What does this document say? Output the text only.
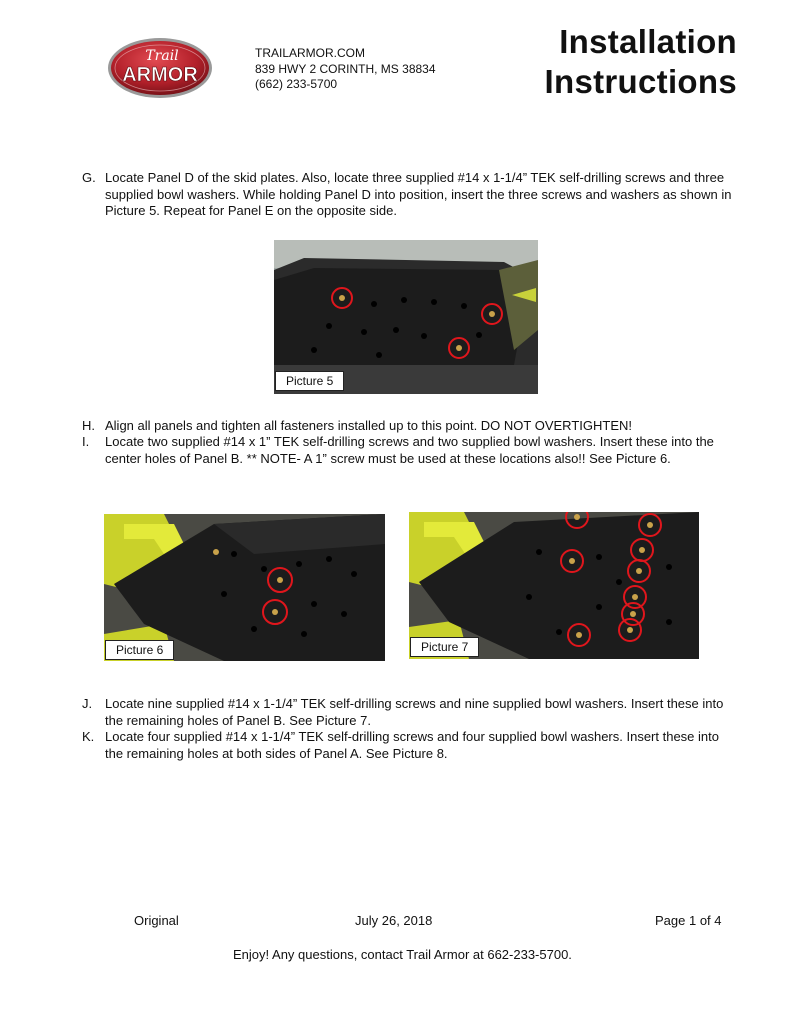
Trail
ARMOR
TRAILARMOR.COM
839 HWY 2 CORINTH, MS 38834
(662) 233-5700
Installation
Instructions
G. Locate Panel D of the skid plates. Also, locate three supplied #14 x 1-1/4” TEK self-drilling screws and three supplied bowl washers. While holding Panel D into position, insert the three screws and washers as shown in Picture 5. Repeat for Panel E on the opposite side.
Picture 5
H. Align all panels and tighten all fasteners installed up to this point. DO NOT OVERTIGHTEN!
I. Locate two supplied #14 x 1” TEK self-drilling screws and two supplied bowl washers. Insert these into the center holes of Panel B. ** NOTE- A 1” screw must be used at these locations also!! See Picture 6.
Picture 6	Picture 7
J. Locate nine supplied #14 x 1-1/4” TEK self-drilling screws and nine supplied bowl washers. Insert these into the remaining holes of Panel B. See Picture 7.
K. Locate four supplied #14 x 1-1/4” TEK self-drilling screws and four supplied bowl washers. Insert these into the remaining holes at both sides of Panel A. See Picture 8.
Original	July 26, 2018	Page 1 of 4
Enjoy! Any questions, contact Trail Armor at 662-233-5700.
